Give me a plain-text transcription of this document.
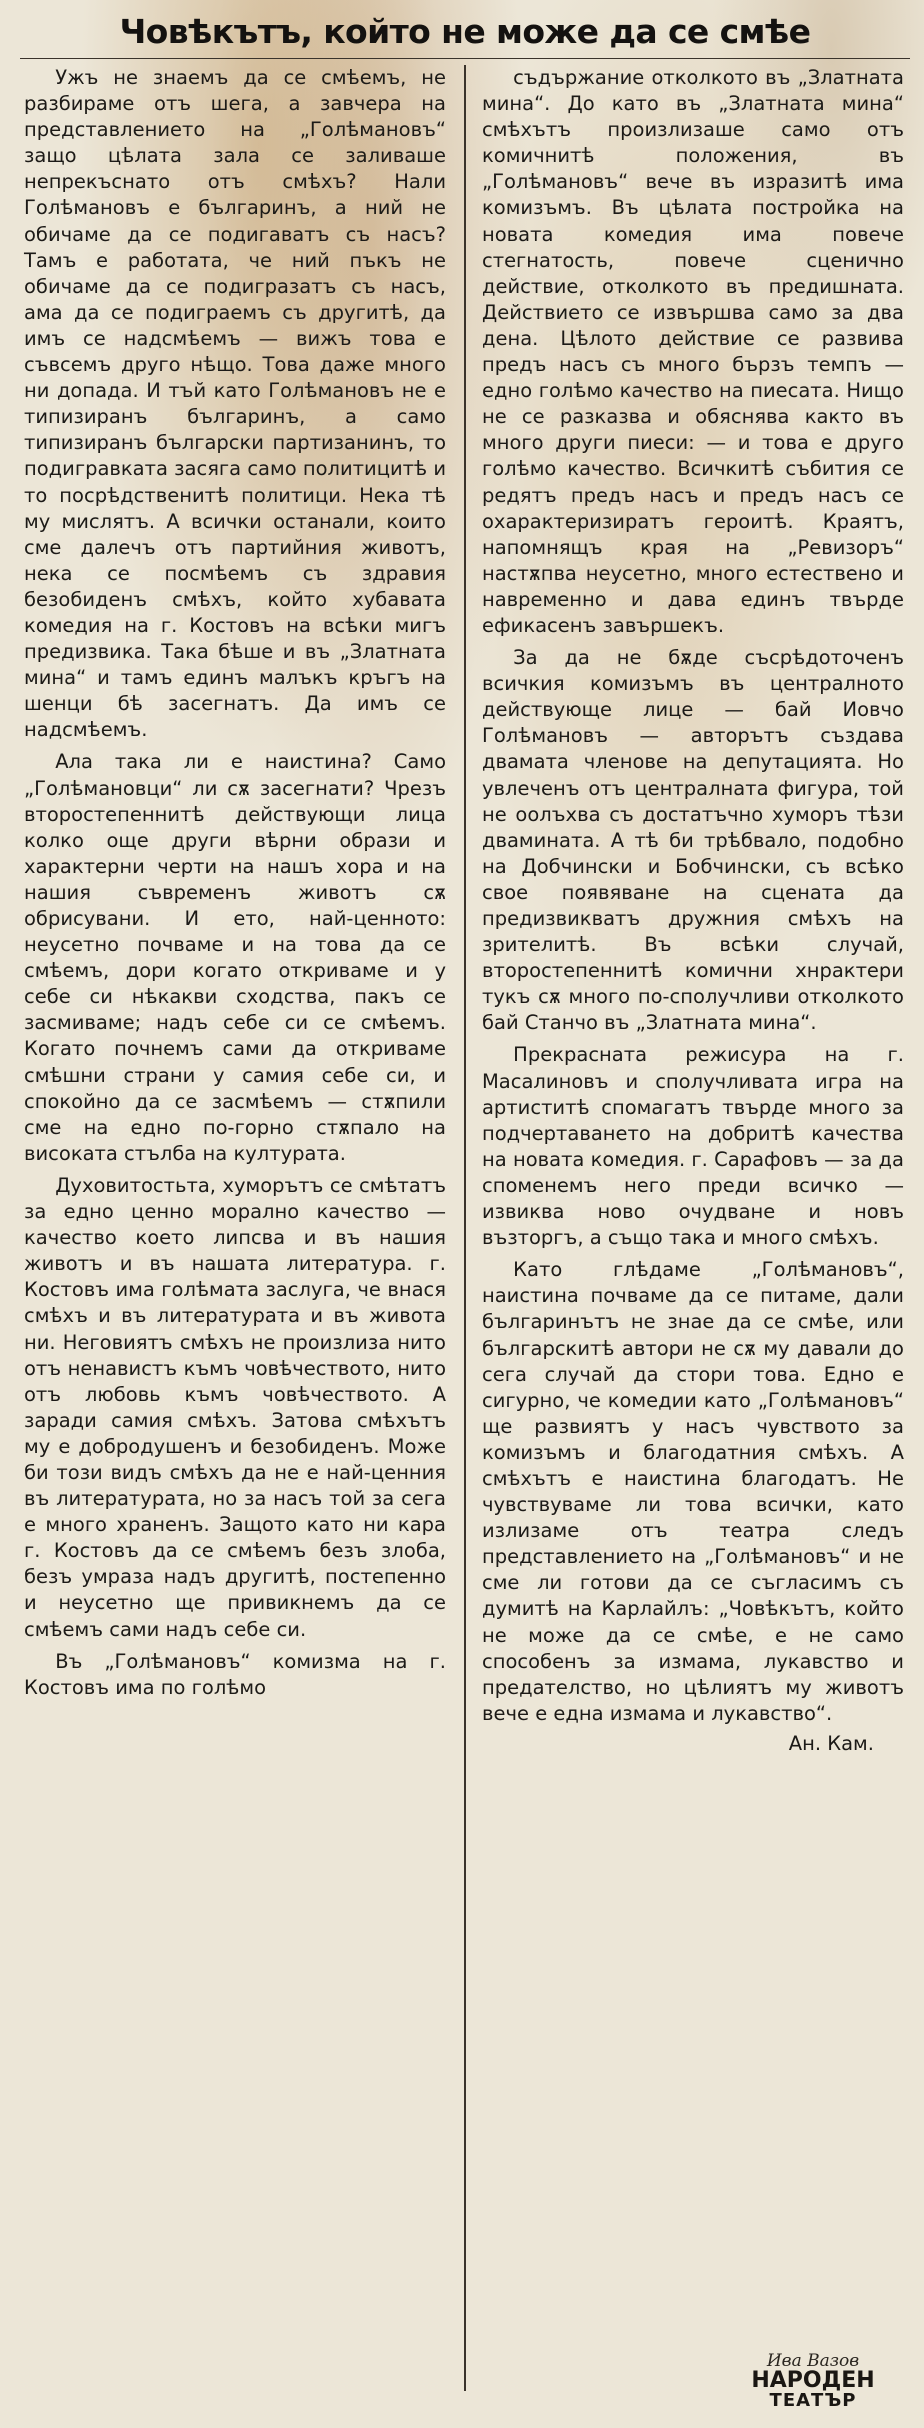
Човѣкътъ, който не може да се смѣе

Ужъ не знаемъ да се смѣемъ, не разбираме отъ шега, а завчера на представлението на „Голѣмановъ“ защо цѣлата зала се заливаше непрекъснато отъ смѣхъ? Нали Голѣмановъ е българинъ, а ний не обичаме да се подигаватъ съ насъ? Тамъ е работата, че ний пъкъ не обичаме да се подигразатъ съ насъ, ама да се подиграемъ съ другитѣ, да имъ се надсмѣемъ — вижъ това е съвсемъ друго нѣщо. Това даже много ни допада. И тъй като Голѣмановъ не е типизиранъ българинъ, а само типизиранъ български партизанинъ, то подигравката засяга само политицитѣ и то посрѣдственитѣ политици. Нека тѣ му мислятъ. А всички останали, които сме далечъ отъ партийния животъ, нека се посмѣемъ съ здравия безобиденъ смѣхъ, който хубавата комедия на г. Костовъ на всѣки мигъ предизвика. Така бѣше и въ „Златната мина“ и тамъ единъ малъкъ кръгъ на шенци бѣ засегнатъ. Да имъ се надсмѣемъ.

Ала така ли е наистина? Само „Голѣмановци“ ли сѫ засегнати? Чрезъ второстепеннитѣ действующи лица колко още други вѣрни образи и характерни черти на нашъ хора и на нашия съвременъ животъ сѫ обрисувани. И ето, най-ценното: неусетно почваме и на това да се смѣемъ, дори когато откриваме и у себе си нѣкакви сходства, пакъ се засмиваме; надъ себе си се смѣемъ. Когато почнемъ сами да откриваме смѣшни страни у самия себе си, и спокойно да се засмѣемъ — стѫпили сме на едно по-горно стѫпало на високата стълба на културата.

Духовитостьта, хуморътъ се смѣтатъ за едно ценно морално качество — качество което липсва и въ нашия животъ и въ нашата литература. г. Костовъ има голѣмата заслуга, че внася смѣхъ и въ литературата и въ живота ни. Неговиятъ смѣхъ не произлиза нито отъ ненавистъ къмъ човѣчеството, нито отъ любовь къмъ човѣчеството. А заради самия смѣхъ. Затова смѣхътъ му е добродушенъ и безобиденъ. Може би този видъ смѣхъ да не е най-ценния въ литературата, но за насъ той за сега е много храненъ. Защото като ни кара г. Костовъ да се смѣемъ безъ злоба, безъ умраза надъ другитѣ, постепенно и неусетно ще привикнемъ да се смѣемъ сами надъ себе си.

Въ „Голѣмановъ“ комизма на г. Костовъ има по голѣмо

съдържание отколкото въ „Златната мина“. До като въ „Златната мина“ смѣхътъ произлизаше само отъ комичнитѣ положения, въ „Голѣмановъ“ вече въ изразитѣ има комизъмъ. Въ цѣлата постройка на новата комедия има повече стегнатость, повече сценично действие, отколкото въ предишната. Действието се извършва само за два дена. Цѣлото действие се развива предъ насъ съ много бързъ темпъ — едно голѣмо качество на пиесата. Нищо не се разказва и обяснява както въ много други пиеси: — и това е друго голѣмо качество. Всичкитѣ събития се редятъ предъ насъ и предъ насъ се охарактеризиратъ героитѣ. Краятъ, напомнящъ края на „Ревизоръ“ настѫпва неусетно, много естествено и навременно и дава единъ твърде ефикасенъ завършекъ.

За да не бѫде съсрѣдоточенъ всичкия комизъмъ въ централното действующе лице — бай Иовчо Голѣмановъ — авторътъ създава двамата членове на депутацията. Но увлеченъ отъ централната фигура, той не оолъхва съ достатъчно хуморъ тѣзи двамината. А тѣ би трѣбвало, подобно на Добчински и Бобчински, съ всѣко свое появяване на сцената да предизвикватъ дружния смѣхъ на зрителитѣ. Въ всѣки случай, второстепеннитѣ комични хнрактери тукъ сѫ много по-сполучливи отколкото бай Станчо въ „Златната мина“.

Прекрасната режисура на г. Масалиновъ и сполучливата игра на артиститѣ спомагатъ твърде много за подчертаването на добритѣ качества на новата комедия. г. Сарафовъ — за да споменемъ него преди всичко — извиква ново очудване и новъ възторгъ, а също така и много смѣхъ.

Като глѣдаме „Голѣмановъ“, наистина почваме да се питаме, дали българинътъ не знае да се смѣе, или българскитѣ автори не сѫ му давали до сега случай да стори това. Едно е сигурно, че комедии като „Голѣмановъ“ ще развиятъ у насъ чувството за комизъмъ и благодатния смѣхъ. А смѣхътъ е наистина благодатъ. Не чувствуваме ли това всички, като излизаме отъ театра следъ представлението на „Голѣмановъ“ и не сме ли готови да се съгласимъ съ думитѣ на Карлайлъ: „Човѣкътъ, който не може да се смѣе, е не само способенъ за измама, лукавство и предателство, но цѣлиятъ му животъ вече е една измама и лукавство“.

Ан. Кам.
Ива Вазов
НАРОДЕН
ТЕАТЪР
